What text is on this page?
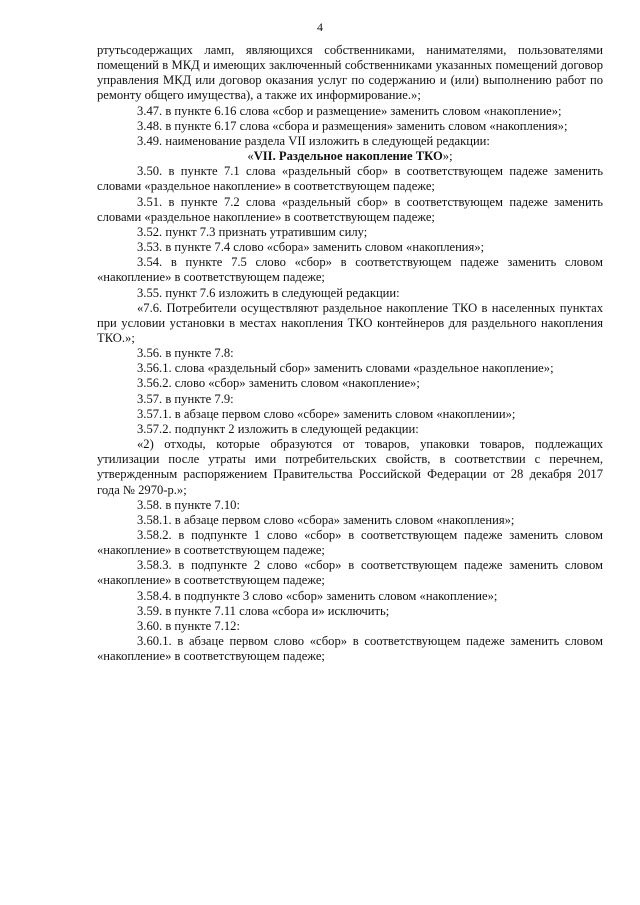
4

ртутьсодержащих ламп, являющихся собственниками, нанимателями, пользователями помещений в МКД и имеющих заключенный собственниками указанных помещений договор управления МКД или договор оказания услуг по содержанию и (или) выполнению работ по ремонту общего имущества), а также их информирование.»;

3.47. в пункте 6.16 слова «сбор и размещение» заменить словом «накопление»;

3.48. в пункте 6.17 слова «сбора и размещения» заменить словом «накопления»;

3.49. наименование раздела VII изложить в следующей редакции:

«VII. Раздельное накопление ТКО»;

3.50. в пункте 7.1 слова «раздельный сбор» в соответствующем падеже заменить словами «раздельное накопление» в соответствующем падеже;

3.51. в пункте 7.2 слова «раздельный сбор» в соответствующем падеже заменить словами «раздельное накопление» в соответствующем падеже;

3.52. пункт 7.3 признать утратившим силу;

3.53. в пункте 7.4 слово «сбора» заменить словом «накопления»;

3.54. в пункте 7.5 слово «сбор» в соответствующем падеже заменить словом «накопление» в соответствующем падеже;

3.55. пункт 7.6 изложить в следующей редакции:

«7.6. Потребители осуществляют раздельное накопление ТКО в населенных пунктах при условии установки в местах накопления ТКО контейнеров для раздельного накопления ТКО.»;

3.56. в пункте 7.8:

3.56.1. слова «раздельный сбор» заменить словами «раздельное накопление»;

3.56.2. слово «сбор» заменить словом «накопление»;

3.57. в пункте 7.9:

3.57.1. в абзаце первом слово «сборе» заменить словом «накоплении»;

3.57.2. подпункт 2 изложить в следующей редакции:

«2) отходы, которые образуются от товаров, упаковки товаров, подлежащих утилизации после утраты ими потребительских свойств, в соответствии с перечнем, утвержденным распоряжением Правительства Российской Федерации от 28 декабря 2017 года № 2970-р.»;

3.58. в пункте 7.10:

3.58.1. в абзаце первом слово «сбора» заменить словом «накопления»;

3.58.2. в подпункте 1 слово «сбор» в соответствующем падеже заменить словом «накопление» в соответствующем падеже;

3.58.3. в подпункте 2 слово «сбор» в соответствующем падеже заменить словом «накопление» в соответствующем падеже;

3.58.4. в подпункте 3 слово «сбор» заменить словом «накопление»;

3.59. в пункте 7.11 слова «сбора и» исключить;

3.60. в пункте 7.12:

3.60.1. в абзаце первом слово «сбор» в соответствующем падеже заменить словом «накопление» в соответствующем падеже;
